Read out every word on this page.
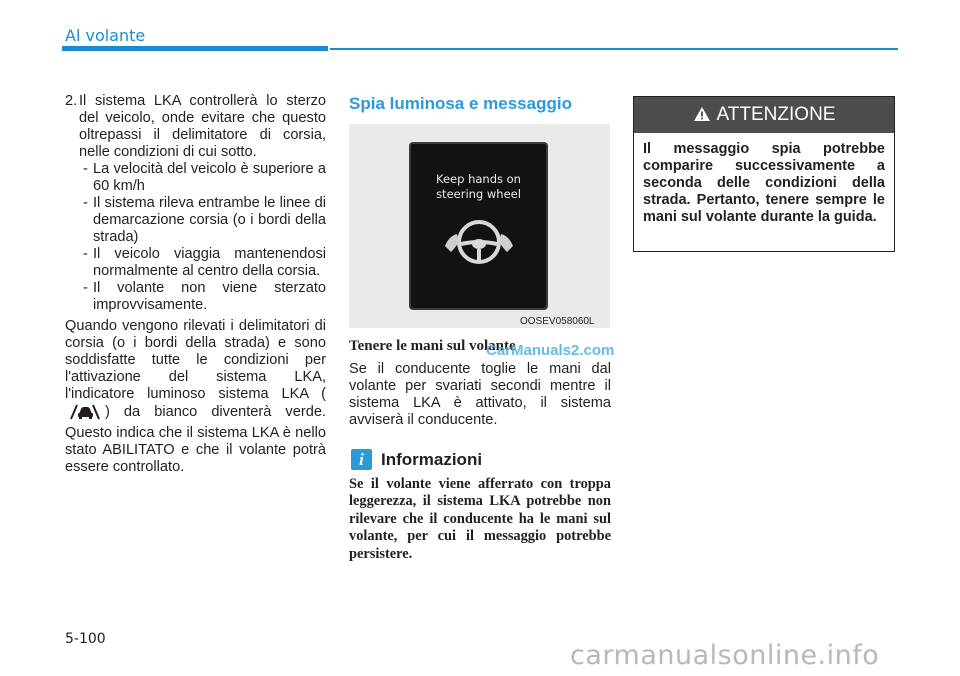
Al volante
2. Il sistema LKA controllerà lo sterzo del veicolo, onde evitare che questo oltrepassi il delimitatore di corsia, nelle condizioni di cui sotto.
- La velocità del veicolo è superiore a 60 km/h
- Il sistema rileva entrambe le linee di demarcazione corsia (o i bordi della strada)
- Il veicolo viaggia mantenendosi normalmente al centro della corsia.
- Il volante non viene sterzato improvvisamente.

Quando vengono rilevati i delimitatori di corsia (o i bordi della strada) e sono soddisfatte tutte le condizioni per l'attivazione del sistema LKA, l'indicatore luminoso sistema LKA () da bianco diventerà verde. Questo indica che il sistema LKA è nello stato ABILITATO e che il volante potrà essere controllato.

Spia luminosa e messaggio
Keep hands on
steering wheel
OOSEV058060L
Tenere le mani sul volante
CarManuals2.com
Se il conducente toglie le mani dal volante per svariati secondi mentre il sistema LKA è attivato, il sistema avviserà il conducente.
i	Informazioni
Se il volante viene afferrato con troppa leggerezza, il sistema LKA potrebbe non rilevare che il conducente ha le mani sul volante, per cui il messaggio potrebbe persistere.
ATTENZIONE
Il messaggio spia potrebbe comparire successivamente a seconda delle condizioni della strada. Pertanto, tenere sempre le mani sul volante durante la guida.
5-100
carmanualsonline.info
